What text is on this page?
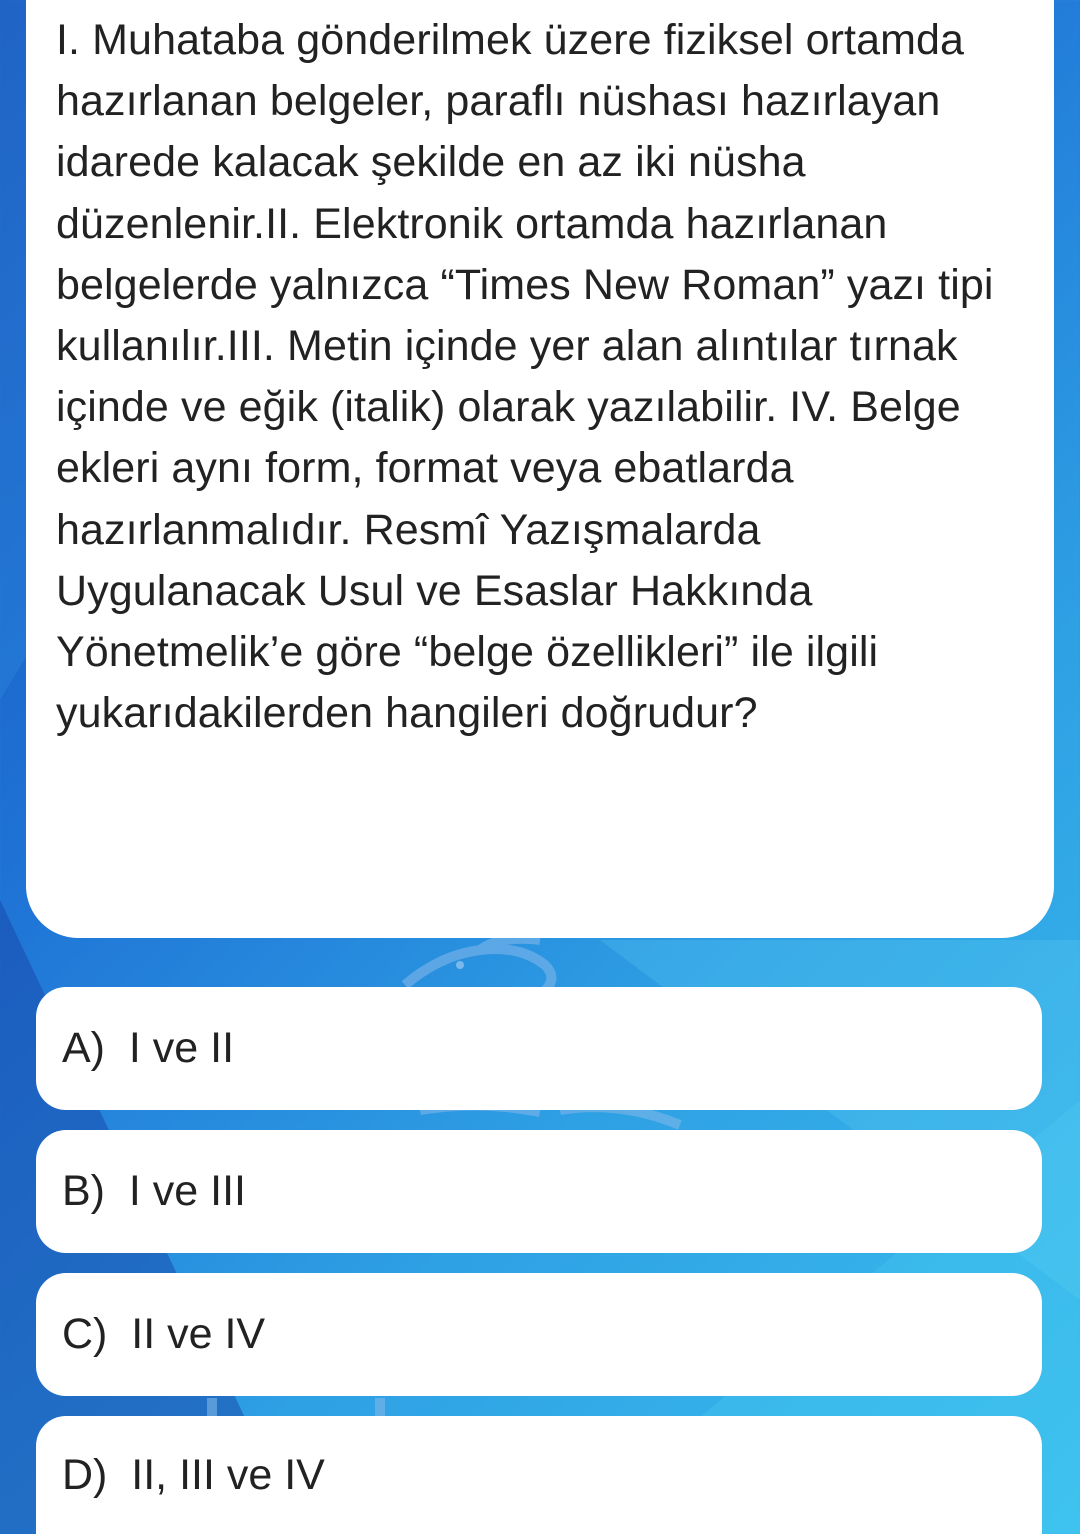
I. Muhataba gönderilmek üzere fiziksel ortamda hazırlanan belgeler, paraflı nüshası hazırlayan idarede kalacak şekilde en az iki nüsha düzenlenir.II. Elektronik ortamda hazırlanan belgelerde yalnızca “Times New Roman” yazı tipi kullanılır.III. Metin içinde yer alan alıntılar tırnak içinde ve eğik (italik) olarak yazılabilir. IV. Belge ekleri aynı form, format veya ebatlarda hazırlanmalıdır. Resmî Yazışmalarda Uygulanacak Usul ve Esaslar Hakkında Yönetmelik’e göre “belge özellikleri” ile ilgili yukarıdakilerden hangileri doğrudur?

A) I ve II
B) I ve III
C) II ve IV
D) II, III ve IV
